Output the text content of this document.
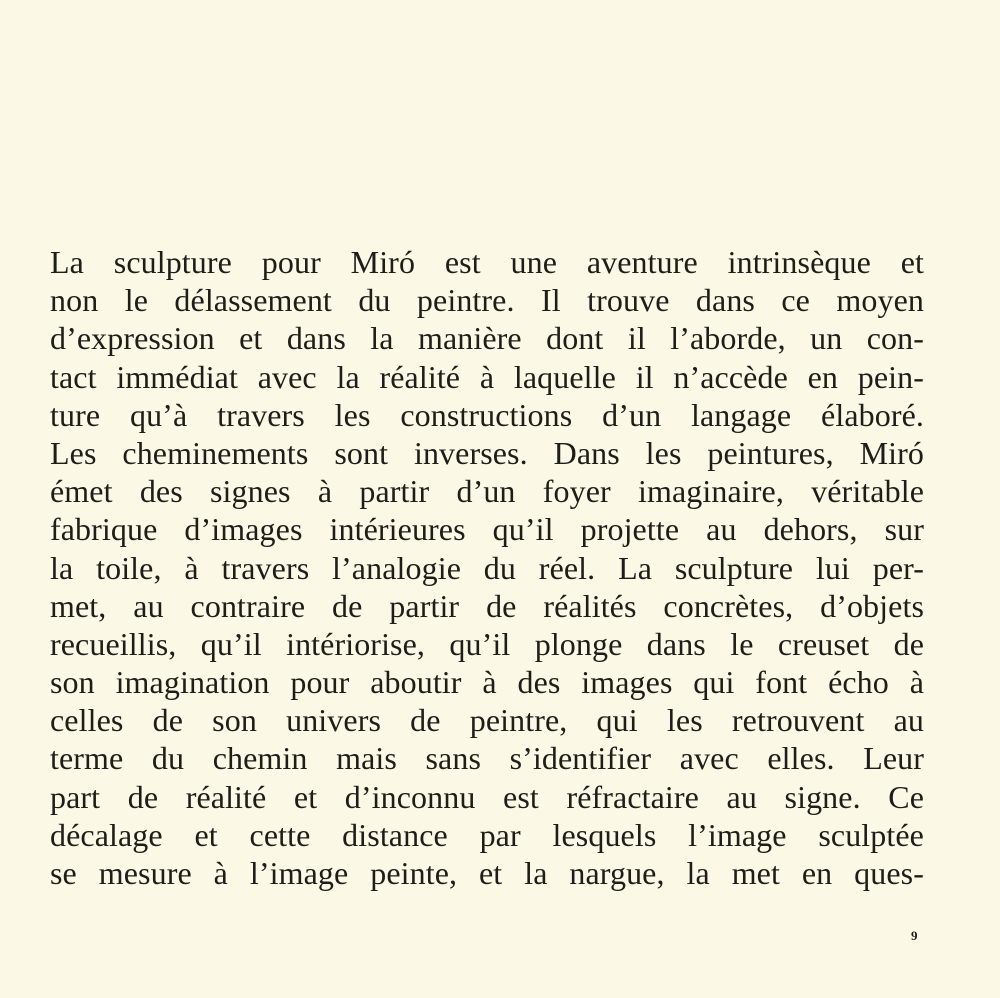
La sculpture pour Miró est une aventure intrinsèque et
non le délassement du peintre. Il trouve dans ce moyen
d’expression et dans la manière dont il l’aborde, un con-
tact immédiat avec la réalité à laquelle il n’accède en pein-
ture qu’à travers les constructions d’un langage élaboré.
Les cheminements sont inverses. Dans les peintures, Miró
émet des signes à partir d’un foyer imaginaire, véritable
fabrique d’images intérieures qu’il projette au dehors, sur
la toile, à travers l’analogie du réel. La sculpture lui per-
met, au contraire de partir de réalités concrètes, d’objets
recueillis, qu’il intériorise, qu’il plonge dans le creuset de
son imagination pour aboutir à des images qui font écho à
celles de son univers de peintre, qui les retrouvent au
terme du chemin mais sans s’identifier avec elles. Leur
part de réalité et d’inconnu est réfractaire au signe. Ce
décalage et cette distance par lesquels l’image sculptée
se mesure à l’image peinte, et la nargue, la met en ques-
9
